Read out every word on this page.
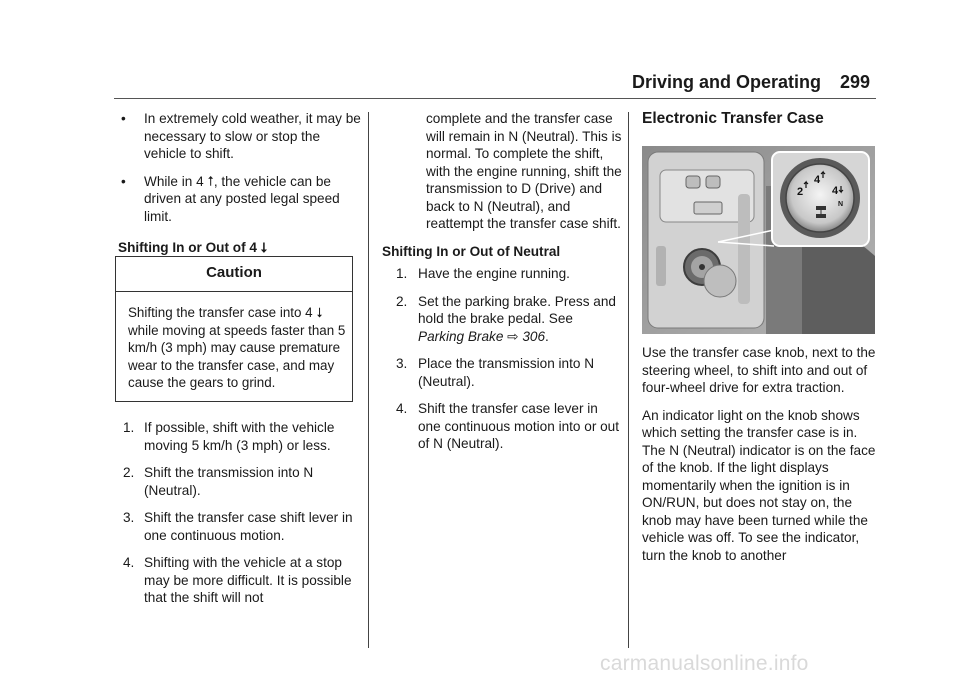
Driving and Operating 299

• In extremely cold weather, it may be necessary to slow or stop the vehicle to shift.

• While in 4 ⭡, the vehicle can be driven at any posted legal speed limit.

Shifting In or Out of 4 ⭣

Caution
Shifting the transfer case into 4 ⭣ while moving at speeds faster than 5 km/h (3 mph) may cause premature wear to the transfer case, and may cause the gears to grind.

1. If possible, shift with the vehicle moving 5 km/h (3 mph) or less.

2. Shift the transmission into N (Neutral).

3. Shift the transfer case shift lever in one continuous motion.

4. Shifting with the vehicle at a stop may be more difficult. It is possible that the shift will not

complete and the transfer case will remain in N (Neutral). This is normal. To complete the shift, with the engine running, shift the transmission to D (Drive) and back to N (Neutral), and reattempt the transfer case shift.

Shifting In or Out of Neutral

1. Have the engine running.

2. Set the parking brake. Press and hold the brake pedal. See Parking Brake ⇨ 306.

3. Place the transmission into N (Neutral).

4. Shift the transfer case lever in one continuous motion into or out of N (Neutral).

Electronic Transfer Case
2
4
4
N

Use the transfer case knob, next to the steering wheel, to shift into and out of four-wheel drive for extra traction.

An indicator light on the knob shows which setting the transfer case is in. The N (Neutral) indicator is on the face of the knob. If the light displays momentarily when the ignition is in ON/RUN, but does not stay on, the knob may have been turned while the vehicle was off. To see the indicator, turn the knob to another

carmanualsonline.info
